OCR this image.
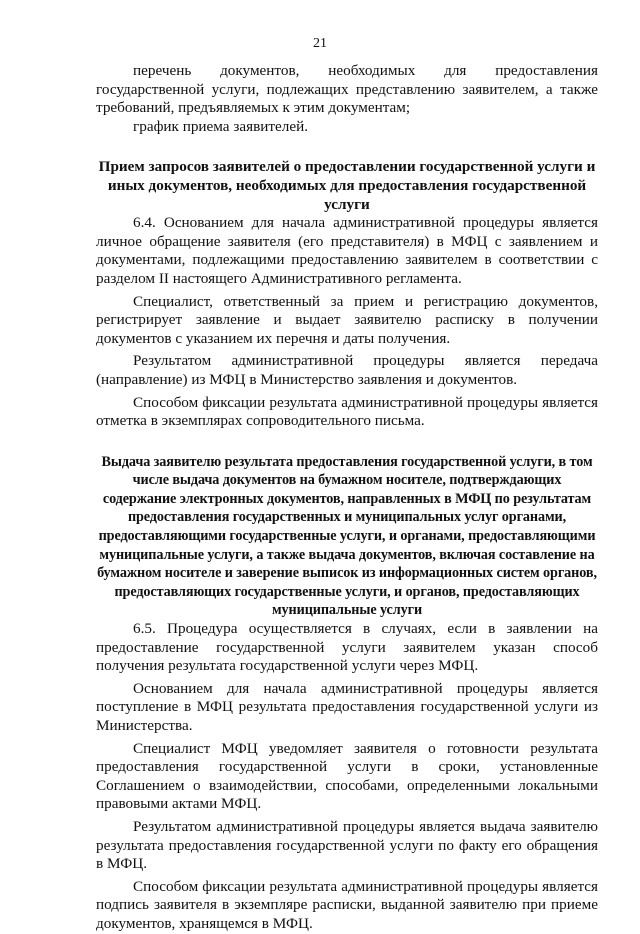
21

перечень документов, необходимых для предоставления государственной услуги, подлежащих представлению заявителем, а также требований, предъявляемых к этим документам;

график приема заявителей.

Прием запросов заявителей о предоставлении государственной услуги и иных документов, необходимых для предоставления государственной услуги

6.4. Основанием для начала административной процедуры является личное обращение заявителя (его представителя) в МФЦ с заявлением и документами, подлежащими предоставлению заявителем в соответствии с разделом II настоящего Административного регламента.

Специалист, ответственный за прием и регистрацию документов, регистрирует заявление и выдает заявителю расписку в получении документов с указанием их перечня и даты получения.

Результатом административной процедуры является передача (направление) из МФЦ в Министерство заявления и документов.

Способом фиксации результата административной процедуры является отметка в экземплярах сопроводительного письма.

Выдача заявителю результата предоставления государственной услуги, в том числе выдача документов на бумажном носителе, подтверждающих содержание электронных документов, направленных в МФЦ по результатам предоставления государственных и муниципальных услуг органами, предоставляющими государственные услуги, и органами, предоставляющими муниципальные услуги, а также выдача документов, включая составление на бумажном носителе и заверение выписок из информационных систем органов, предоставляющих государственные услуги, и органов, предоставляющих муниципальные услуги

6.5. Процедура осуществляется в случаях, если в заявлении на предоставление государственной услуги заявителем указан способ получения результата государственной услуги через МФЦ.

Основанием для начала административной процедуры является поступление в МФЦ результата предоставления государственной услуги из Министерства.

Специалист МФЦ уведомляет заявителя о готовности результата предоставления государственной услуги в сроки, установленные Соглашением о взаимодействии, способами, определенными локальными правовыми актами МФЦ.

Результатом административной процедуры является выдача заявителю результата предоставления государственной услуги по факту его обращения в МФЦ.

Способом фиксации результата административной процедуры является подпись заявителя в экземпляре расписки, выданной заявителю при приеме документов, хранящемся в МФЦ.
